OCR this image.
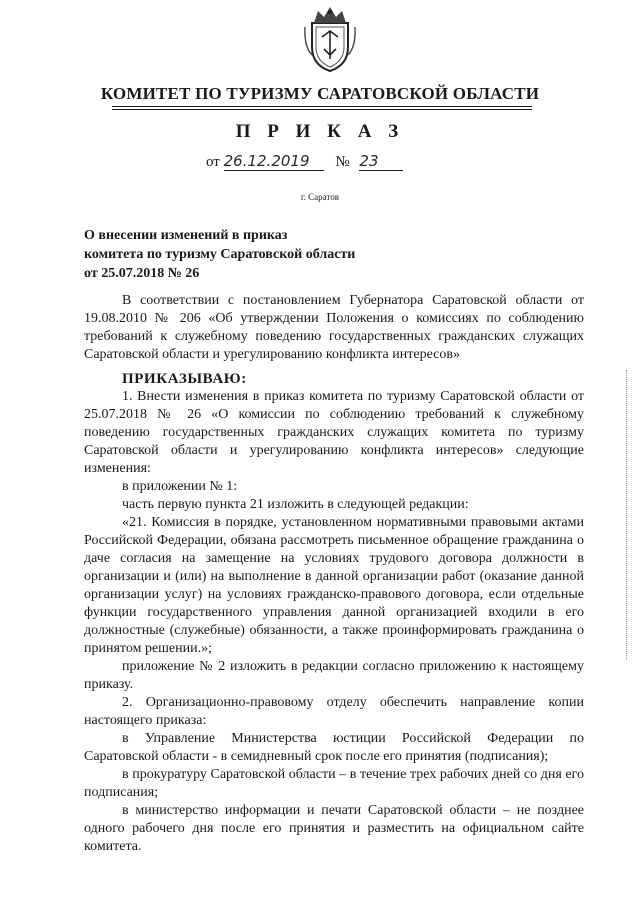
КОМИТЕТ ПО ТУРИЗМУ САРАТОВСКОЙ ОБЛАСТИ
П Р И К А З
от 26.12.2019 № 23
г. Саратов
О внесении изменений в приказ
комитета по туризму Саратовской области
от 25.07.2018 № 26

В соответствии с постановлением Губернатора Саратовской области от 19.08.2010 № 206 «Об утверждении Положения о комиссиях по соблюдению требований к служебному поведению государственных гражданских служащих Саратовской области и урегулированию конфликта интересов»

ПРИКАЗЫВАЮ:

1. Внести изменения в приказ комитета по туризму Саратовской области от 25.07.2018 № 26 «О комиссии по соблюдению требований к служебному поведению государственных гражданских служащих комитета по туризму Саратовской области и урегулированию конфликта интересов» следующие изменения:

в приложении № 1:

часть первую пункта 21 изложить в следующей редакции:

«21. Комиссия в порядке, установленном нормативными правовыми актами Российской Федерации, обязана рассмотреть письменное обращение гражданина о даче согласия на замещение на условиях трудового договора должности в организации и (или) на выполнение в данной организации работ (оказание данной организации услуг) на условиях гражданско-правового договора, если отдельные функции государственного управления данной организацией входили в его должностные (служебные) обязанности, а также проинформировать гражданина о принятом решении.»;

приложение № 2 изложить в редакции согласно приложению к настоящему приказу.

2. Организационно-правовому отделу обеспечить направление копии настоящего приказа:

в Управление Министерства юстиции Российской Федерации по Саратовской области - в семидневный срок после его принятия (подписания);

в прокуратуру Саратовской области – в течение трех рабочих дней со дня его подписания;

в министерство информации и печати Саратовской области – не позднее одного рабочего дня после его принятия и разместить на официальном сайте комитета.
